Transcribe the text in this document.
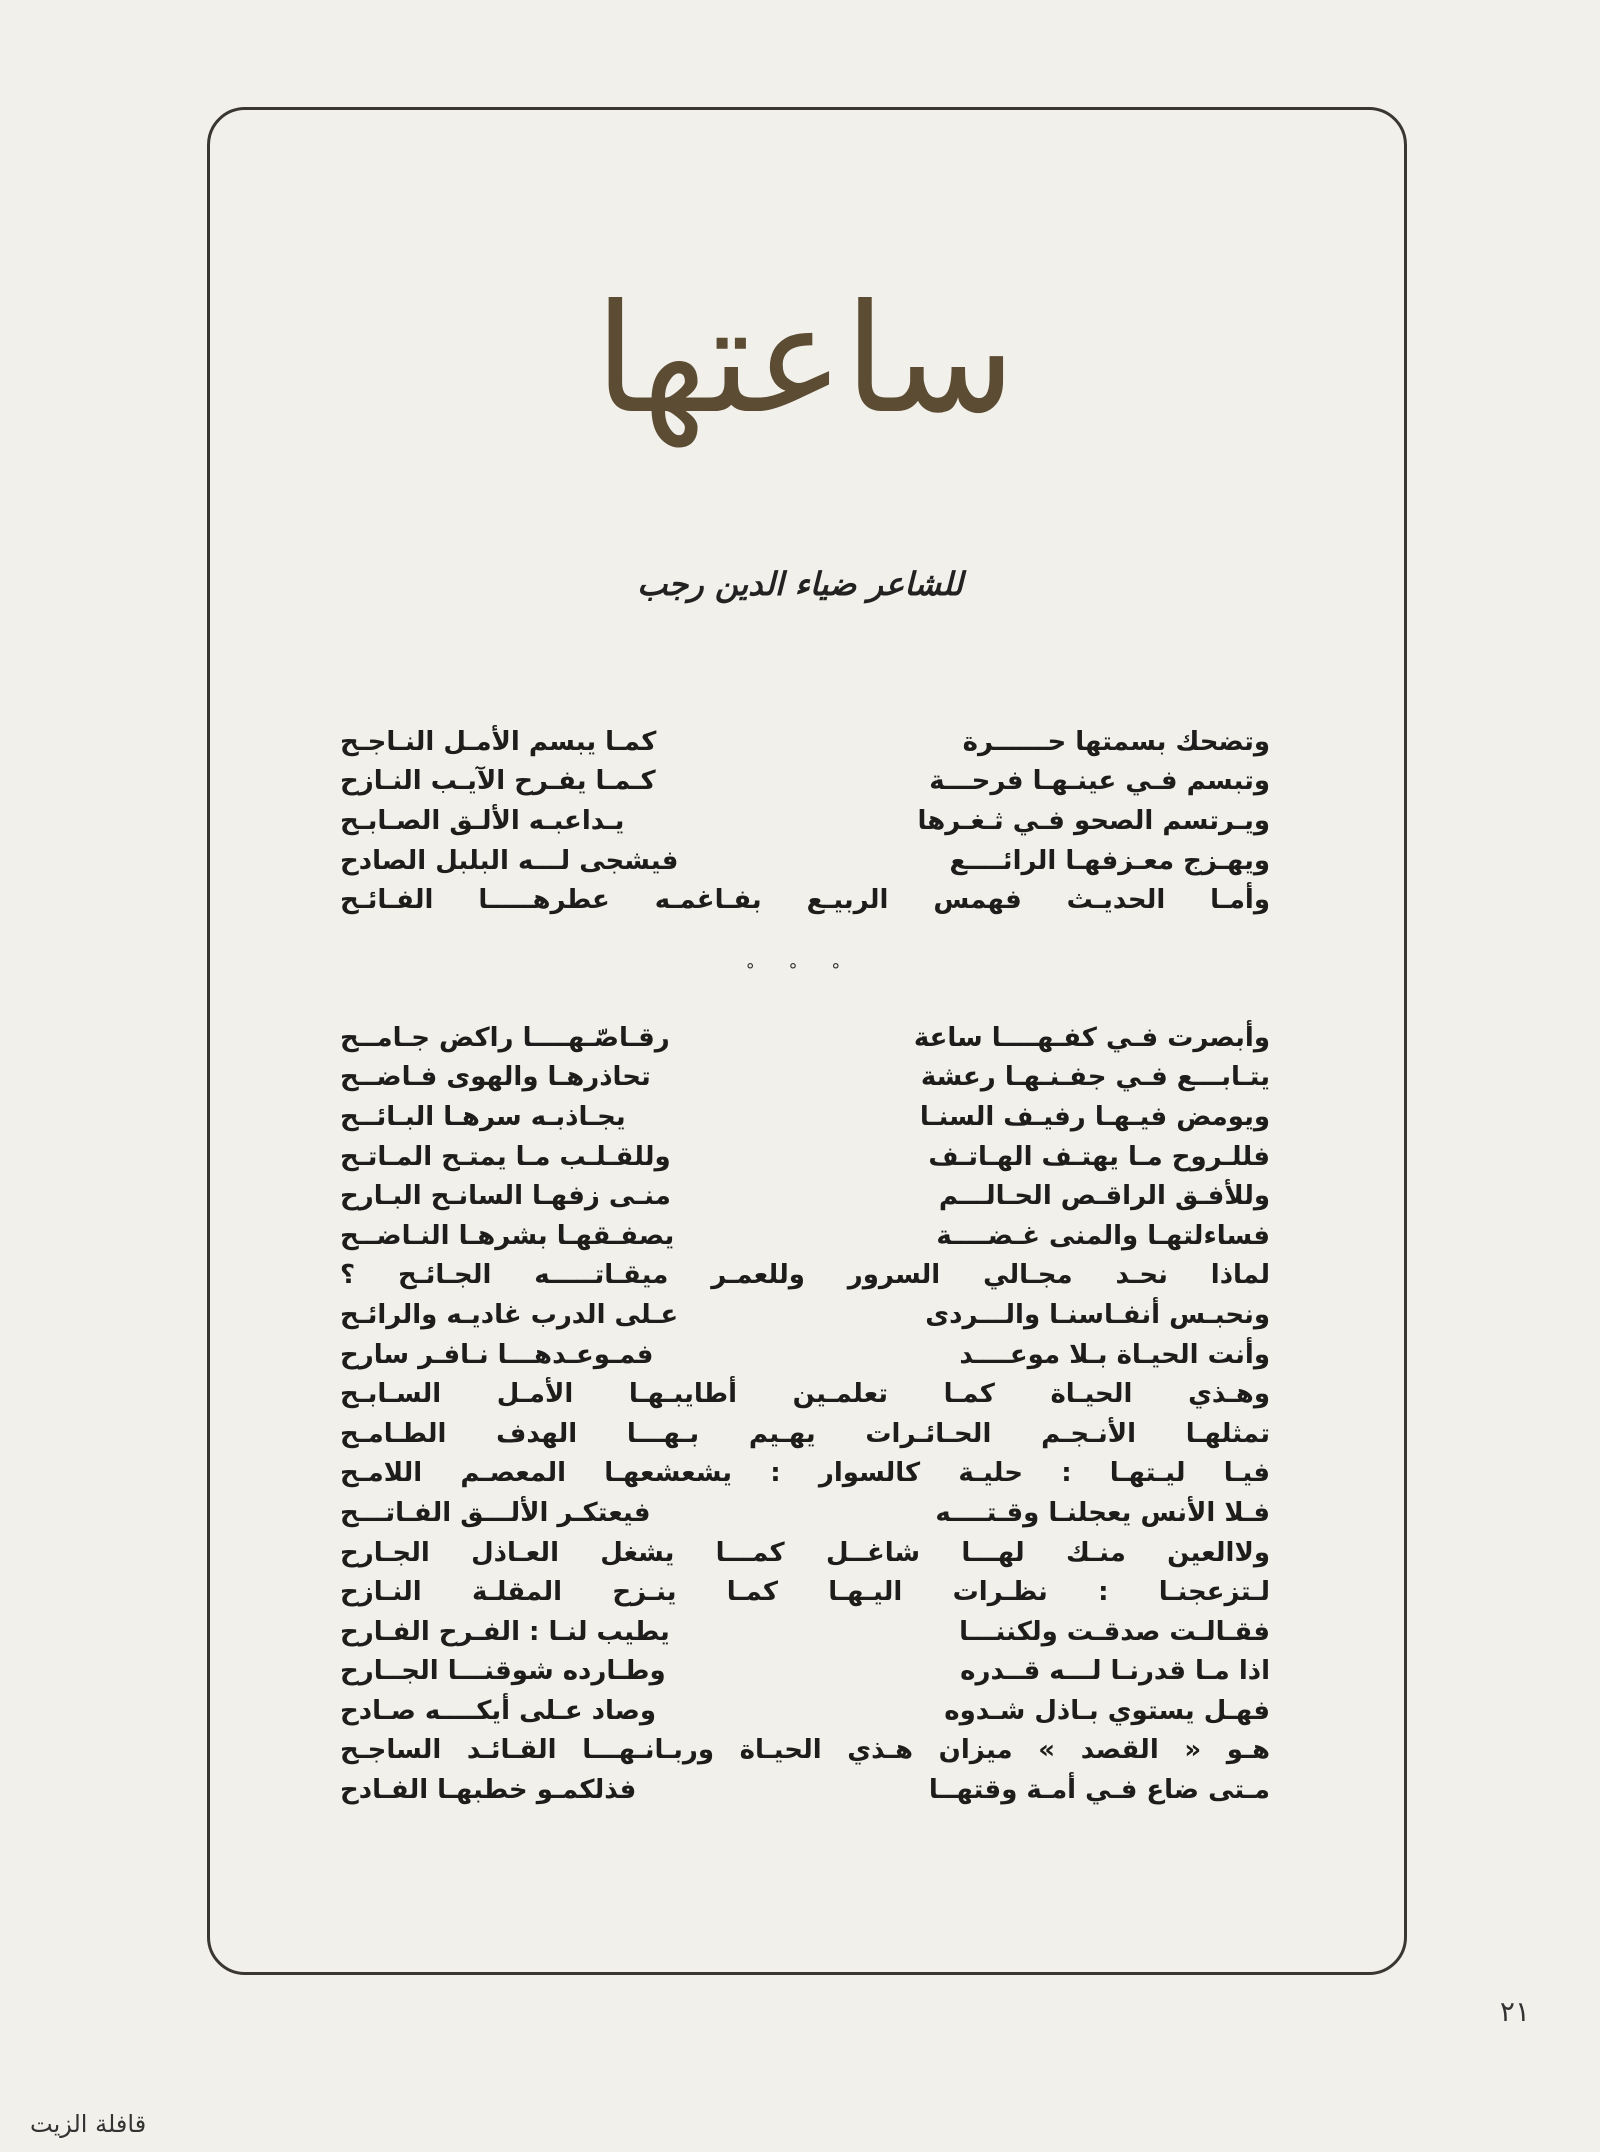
ساعتها
للشاعر ضياء الدين رجب
وتضحك بسمتها حــــــرة
كمـا يبسم الأمـل النـاجـح
وتبسم فـي عينـهـا فرحـــة
كـمـا يفـرح الآيـب النـازح
ويـرتسم الصحو فـي ثـغـرها
يـداعبـه الألـق الصـابـح
ويهـزج معـزفهـا الرائــــع
فيشجى لـــه البلبل الصادح
وأمـا الحديـث فهمس الربيـع بفـاغمـه عطرهـــــا الفـائـح
° ° °
وأبصرت فـي كفـهــــا ساعة
رقـاصّـهــــا راكض جـامــح
يتـابـــع فـي جفـنـهـا رعشة
تحاذرهـا والهوى فـاضــح
ويومض فيـهـا رفيـف السنـا
يجـاذبـه سرهـا البـائــح
فللـروح مـا يهتـف الهـاتـف
وللقـلـب مـا يمتـح المـاتـح
وللأفـق الراقـص الحـالـــم
منـى زفهـا السانـح البـارح
فساءلتهـا والمنى غـضــــة
يصفـقهـا بشرهـا النـاضــح
لماذا نحـد مجـالي السرور وللعمـر ميقـاتـــــه الجـائـح ؟
ونحبـس أنفـاسنـا والـــردى
عـلى الدرب غاديـه والرائـح
وأنت الحيـاة بـلا موعــــد
فمـوعـدهـــا نـافـر سارح
وهـذي الحيـاة كمـا تعلمـين أطايبـهـا الأمـل السـابـح
تمثلهـا الأنـجـم الحـائـرات يهـيم بـهـــا الهدف الطـامـح
فيـا ليـتهـا : حليـة كالسوار : يشعشعهـا المعصـم اللامـح
فـلا الأنس يعجلنـا وقـتــــه
فيعتكـر الألـــق الفـاتـــح
ولاالعين منـك لهـــا شاغــل كمـــا يشغل العـاذل الجـارح
لـتزعجنـا : نظـرات اليـهـا كمـا ينـزح المقلـة النـازح
فقـالـت صدقـت ولكننـــا
يطيب لنـا : الفـرح الفـارح
اذا مـا قدرنـا لـــه قــدره
وطـارده شوقنـــا الجــارح
فهـل يستوي بـاذل شـدوه
وصاد عـلى أيكــــه صـادح
هـو « القصد » ميزان هـذي الحيـاة وربـانـهـــا القـائـد الساجـح
مـتى ضاع فـي أمـة وقتهــا
فذلكمـو خطبهـا الفـادح
٢١
قافلة الزيت
